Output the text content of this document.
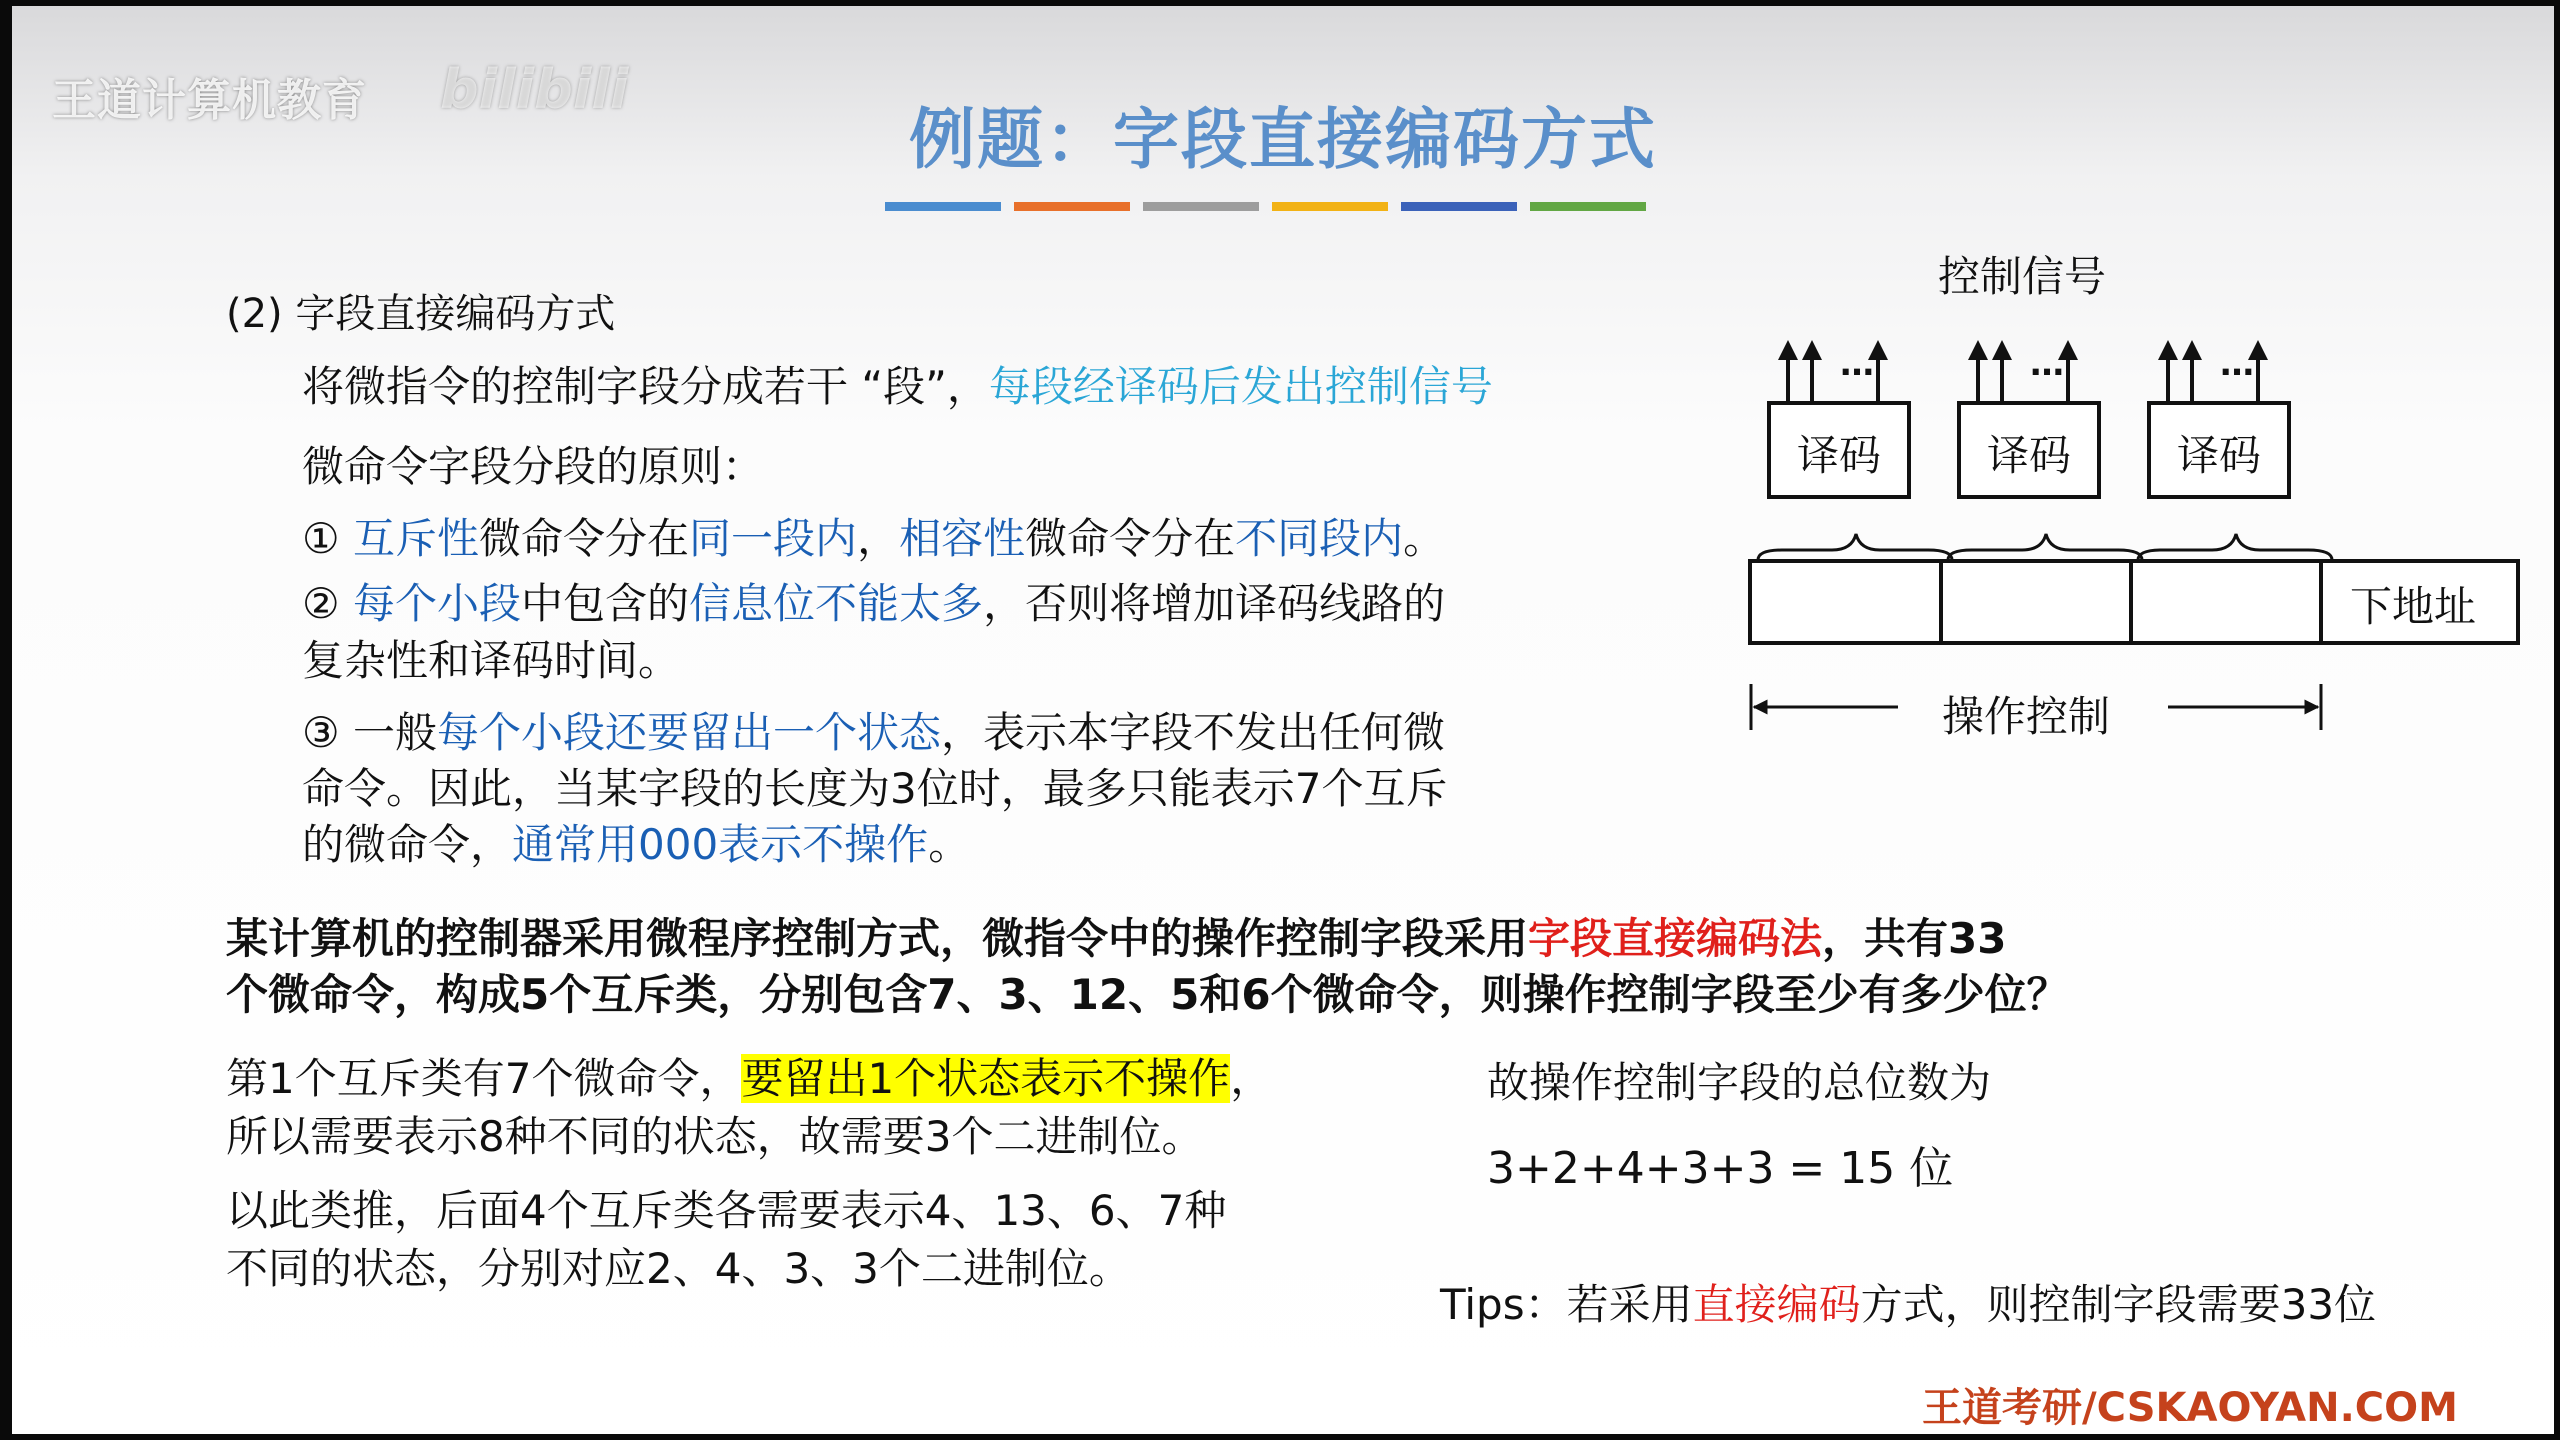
王道计算机教育 bilibili
例题：字段直接编码方式
(2) 字段直接编码方式
将微指令的控制字段分成若干 “段”，每段经译码后发出控制信号
微命令字段分段的原则：
① 互斥性微命令分在同一段内，相容性微命令分在不同段内。
② 每个小段中包含的信息位不能太多，否则将增加译码线路的
复杂性和译码时间。
③ 一般每个小段还要留出一个状态，表示本字段不发出任何微
命令。因此，当某字段的长度为3位时，最多只能表示7个互斥
的微命令，通常用000表示不操作。
控制信号
…	…	…
译码	译码	译码
下地址
操作控制
某计算机的控制器采用微程序控制方式，微指令中的操作控制字段采用字段直接编码法，共有33
个微命令，构成5个互斥类，分别包含7、3、12、5和6个微命令，则操作控制字段至少有多少位？
第1个互斥类有7个微命令，要留出1个状态表示不操作，
所以需要表示8种不同的状态，故需要3个二进制位。
以此类推，后面4个互斥类各需要表示4、13、6、7种
不同的状态，分别对应2、4、3、3个二进制位。
故操作控制字段的总位数为
3+2+4+3+3 = 15 位
Tips：若采用直接编码方式，则控制字段需要33位
王道考研/CSKAOYAN.COM
